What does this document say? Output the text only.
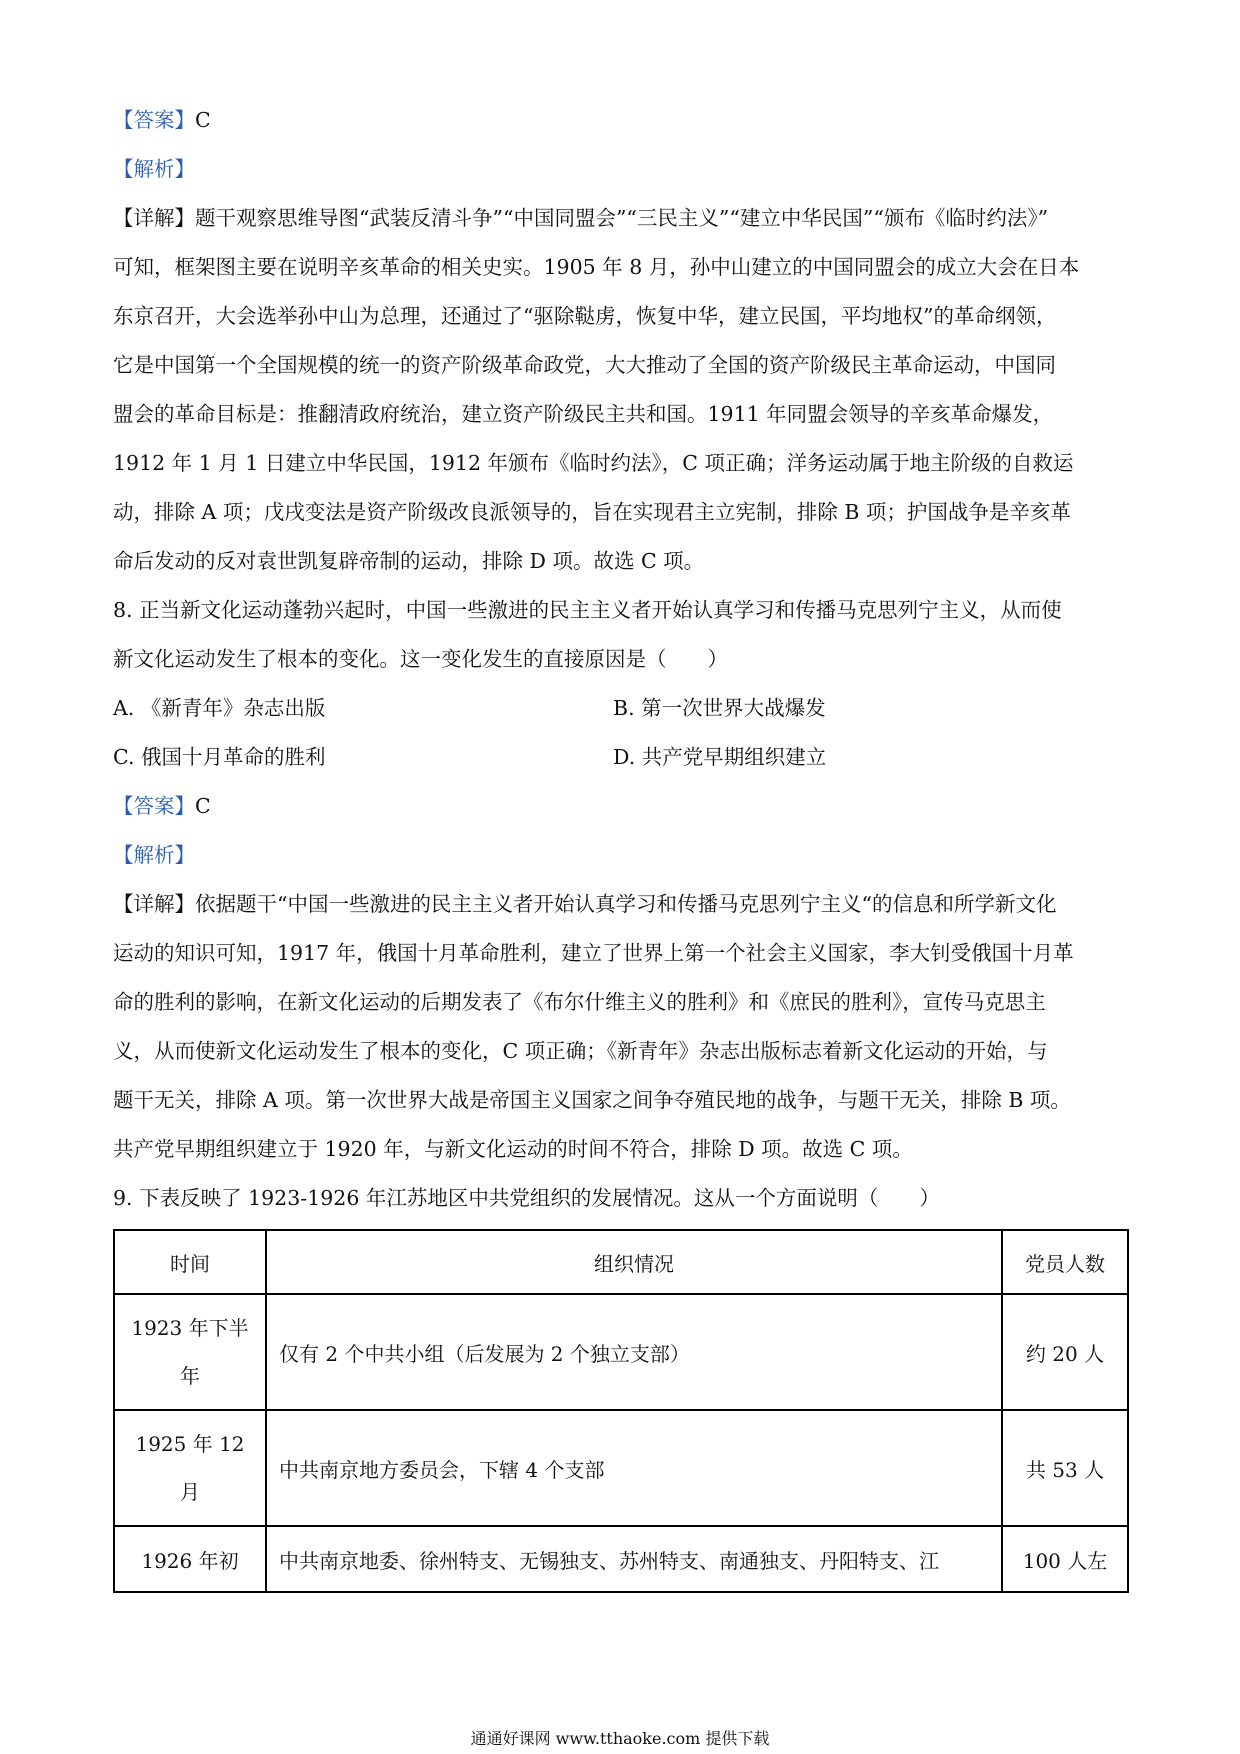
【答案】C
【解析】
【详解】题干观察思维导图“武装反清斗争”“中国同盟会”“三民主义”“建立中华民国”“颁布《临时约法》”
可知，框架图主要在说明辛亥革命的相关史实。1905 年 8 月，孙中山建立的中国同盟会的成立大会在日本
东京召开，大会选举孙中山为总理，还通过了“驱除鞑虏，恢复中华，建立民国，平均地权”的革命纲领，
它是中国第一个全国规模的统一的资产阶级革命政党，大大推动了全国的资产阶级民主革命运动，中国同
盟会的革命目标是：推翻清政府统治，建立资产阶级民主共和国。1911 年同盟会领导的辛亥革命爆发，
1912 年 1 月 1 日建立中华民国，1912 年颁布《临时约法》，C 项正确；洋务运动属于地主阶级的自救运
动，排除 A 项；戊戌变法是资产阶级改良派领导的，旨在实现君主立宪制，排除 B 项；护国战争是辛亥革
命后发动的反对袁世凯复辟帝制的运动，排除 D 项。故选 C 项。
8. 正当新文化运动蓬勃兴起时，中国一些激进的民主主义者开始认真学习和传播马克思列宁主义，从而使
新文化运动发生了根本的变化。这一变化发生的直接原因是（　　）
A. 《新青年》杂志出版	B. 第一次世界大战爆发
C. 俄国十月革命的胜利	D. 共产党早期组织建立
【答案】C
【解析】
【详解】依据题干“中国一些激进的民主主义者开始认真学习和传播马克思列宁主义“的信息和所学新文化
运动的知识可知，1917 年，俄国十月革命胜利，建立了世界上第一个社会主义国家，李大钊受俄国十月革
命的胜利的影响，在新文化运动的后期发表了《布尔什维主义的胜利》和《庶民的胜利》，宣传马克思主
义，从而使新文化运动发生了根本的变化，C 项正确；《新青年》杂志出版标志着新文化运动的开始，与
题干无关，排除 A 项。第一次世界大战是帝国主义国家之间争夺殖民地的战争，与题干无关，排除 B 项。
共产党早期组织建立于 1920 年，与新文化运动的时间不符合，排除 D 项。故选 C 项。
9. 下表反映了 1923-1926 年江苏地区中共党组织的发展情况。这从一个方面说明（　　）
时间	组织情况	党员人数

1923 年下半
年	仅有 2 个中共小组（后发展为 2 个独立支部）	约 20 人

1925 年 12
月	中共南京地方委员会，下辖 4 个支部	共 53 人

1926 年初	中共南京地委、徐州特支、无锡独支、苏州特支、南通独支、丹阳特支、江	100 人左
通通好课网 www.tthaoke.com 提供下载
